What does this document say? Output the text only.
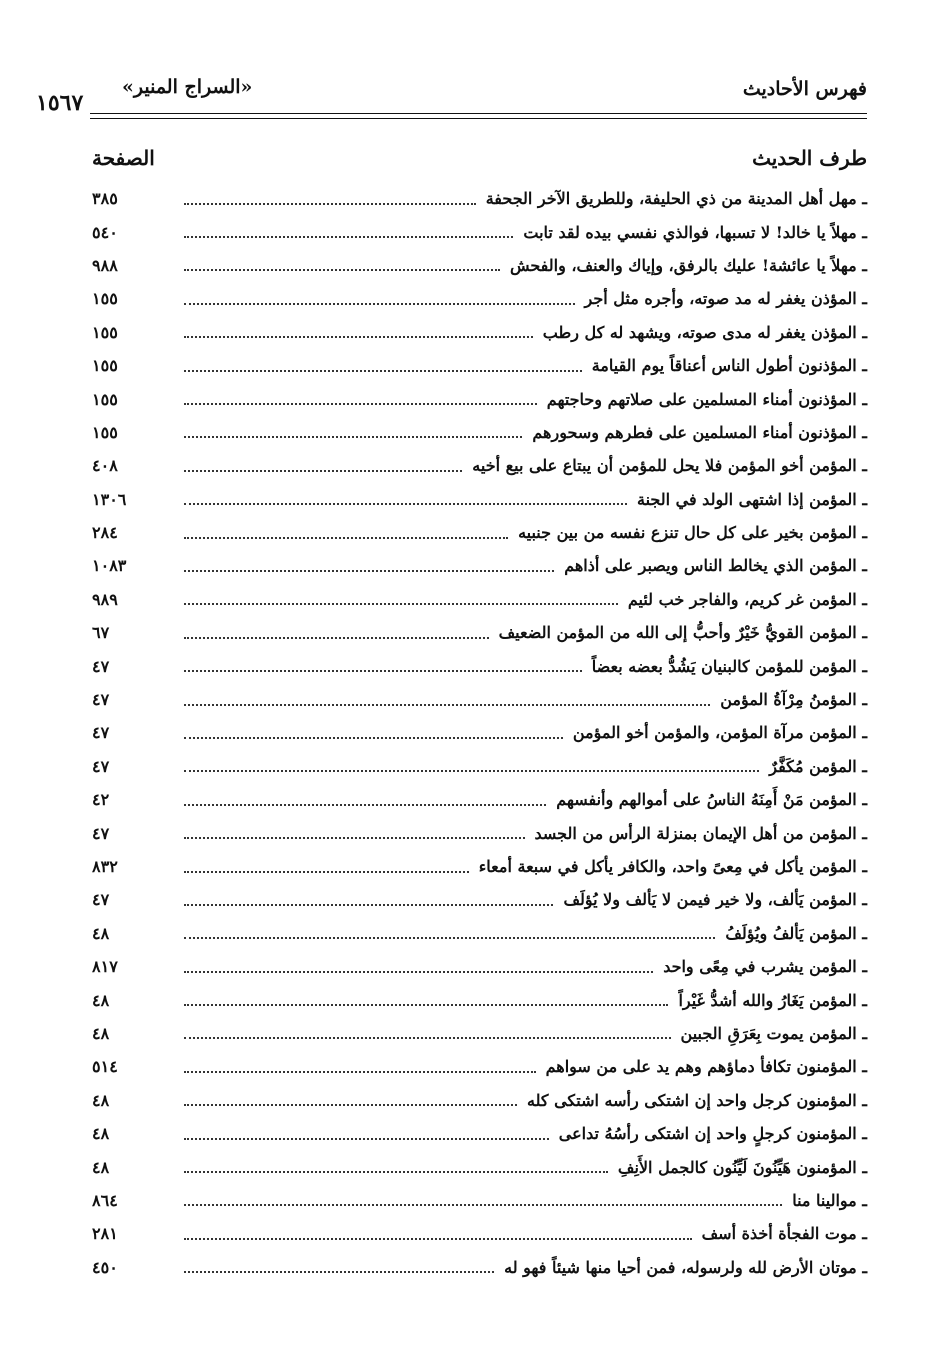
فهرس الأحاديث
«السراج المنير»
١٥٦٧
طرف الحديث
الصفحة
ـ مهل أهل المدينة من ذي الحليفة، وللطريق الآخر الجحفة
٣٨٥
ـ مهلاً يا خالد! لا تسبها، فوالذي نفسي بيده لقد تابت
٥٤٠
ـ مهلاً يا عائشة! عليك بالرفق، وإياك والعنف، والفحش
٩٨٨
ـ المؤذن يغفر له مد صوته، وأجره مثل أجر
١٥٥
ـ المؤذن يغفر له مدى صوته، ويشهد له كل رطب
١٥٥
ـ المؤذنون أطول الناس أعناقاً يوم القيامة
١٥٥
ـ المؤذنون أمناء المسلمين على صلاتهم وحاجتهم
١٥٥
ـ المؤذنون أمناء المسلمين على فطرهم وسحورهم
١٥٥
ـ المؤمن أخو المؤمن فلا يحل للمؤمن أن يبتاع على بيع أخيه
٤٠٨
ـ المؤمن إذا اشتهى الولد في الجنة
١٣٠٦
ـ المؤمن بخير على كل حال تنزع نفسه من بين جنبيه
٢٨٤
ـ المؤمن الذي يخالط الناس ويصبر على أذاهم
١٠٨٣
ـ المؤمن غر كريم، والفاجر خب لئيم
٩٨٩
ـ المؤمن القويُّ خَيْرٌ وأحبُّ إلى الله من المؤمن الضعيف
٦٧
ـ المؤمن للمؤمن كالبنيان يَشُدُّ بعضه بعضاً
٤٧
ـ المؤمنُ مِرْآةُ المؤمن
٤٧
ـ المؤمن مرآة المؤمن، والمؤمن أخو المؤمن
٤٧
ـ المؤمن مُكَفَّرٌ
٤٧
ـ المؤمن مَنْ أَمِنَهُ الناسُ على أموالهم وأنفسهم
٤٢
ـ المؤمن من أهل الإيمان بمنزلة الرأس من الجسد
٤٧
ـ المؤمن يأكل في مِعىً واحد، والكافر يأكل في سبعة أمعاء
٨٣٢
ـ المؤمن يَألف، ولا خير فيمن لا يَألف ولا يُؤلَف
٤٧
ـ المؤمن يَألفُ ويُؤلَفُ
٤٨
ـ المؤمن يشرب في مِعًى واحد
٨١٧
ـ المؤمن يَغَارُ والله أشدُّ غَيْراً
٤٨
ـ المؤمن يموت بِعَرَقِ الجبين
٤٨
ـ المؤمنون تكافأ دماؤهم وهم يد على من سواهم
٥١٤
ـ المؤمنون كرجل واحد إن اشتكى رأسه اشتكى كله
٤٨
ـ المؤمنون كرجلٍ واحد إن اشتكى رأسُهُ تداعى
٤٨
ـ المؤمنون هَيِّنُونَ لَيِّنُون كالجمل الأَنِفِ
٤٨
ـ موالينا منا
٨٦٤
ـ موت الفجأة أخذة أسف
٢٨١
ـ موتان الأرض لله ولرسوله، فمن أحيا منها شيئاً فهو له
٤٥٠
